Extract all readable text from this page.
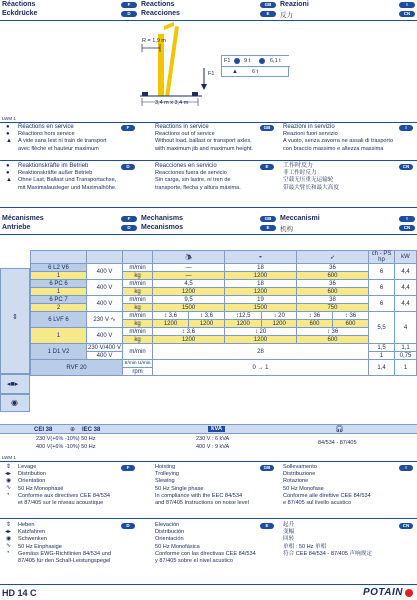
Réactions
Eckdrücke
F
D
Reactions
Reacciones
GB
E
Reazioni
反力
I
CN
R = 1,9 m
3,4 m x 3,4 m
F1
F1 9 t	6,1 t
▲	6 t
LWM 1
Réactions en service
Réactions hors service
A vide sans lest ni train de transport
avec flèche et hauteur maximum
Reactions in service
Reactions out of service
Without load, ballast or transport axles,
with maximum jib and maximum height.
Reazioni in servizio
Reazioni fuori servizio
A vuoto, senza zavorra ne assali di trasporto
con braccio massimo e altezza massima
●
●
▲
F	GB	I
Reaktionskräfte im Betrieb
Reaktionskräfte außer Betrieb
Ohne Last, Ballast und Transportachse,
mit Maximalausleger und Maximalhöhe.
Reacciones en servicio
Reacciones fuera de servicio
Sin carga, sin lastre, ni tren de
transporte, flecha y altura máxima.
工作时反力
非工作时反力
空载无压重无运输轮
带最大臂长和最大高度
●
●
▲
D	E	CN
Mécanismes
Antriebe
F
D
Mechanisms
Mecanismos
GB
E
Meccanismi
机构
I
CN
⇕
◂■▸
◉
			🐌︎		◒		➶		ch - PS
hp	kW
6 L2 V6	400 V	m/min	—		18		36		6	4,4
1		kg	—		1200		600			
6 PC 6	400 V	m/min	4,5		18		36		6	4,4
1		kg	1200		1200		600			
6 PC 7	400 V	m/min	9,5		19		38		6	4,4
2		kg	1500		1500		750			
6 LVF 6	230 V ∿	m/min	↕ 3,6	↕ 3,6	↕12,5	↕ 20	↕ 36	↕ 36	5,5	4
		kg	1200	1200	1200	1200	600	600		
1	400 V	m/min	↕ 3,6		↕ 20		↕ 36			
		kg	1200		1200		600			
1 D1 V2	230 V/400 V	m/min	28						1,5	1,1
	400 V								1	0,75
RVF 20		tr/min U/min	0 → 1						1,4	1
		rpm								
CEI 38	⊕ IEC 38	kVA	🎧︎
230 V(+6% -10%) 50 Hz
400 V(+6% -10%) 50 Hz
230 V : 6 kVA
400 V : 9 kVA
84/534 - 87/405
LWM 1
Levage
Distribution
Orientation
50 Hz Monophasé
Conforme aux directives CEE 84/534
et 87/405 sur le niveau acoustique
Hoisting
Trolleying
Slewing
50 Hz Single phase
In compliance with the EEC 84/534
and 87/405 Instructions on noise level
Sollevamento
Distribuzione
Rotazione
50 Hz Monofase
Conforme alle direttive CEE 84/534
e 87/405 sul livello acustico
⇕
◂▸
◉
∿
◔
F	GB	I
Heben
Katzfahren
Schwenken
50 Hz Einphasige
Gemäss EWG-Richtlinien 84/534 und
87/405 für den Schall-Leistungspegel
Elevación
Distribución
Orientación
50 Hz Monofásica
Conforme con las directivas CEE 84/534
y 87/405 sobre el nivel acustico
起升
变幅
回转
单相 : 50 Hz 单相
符合 CEE 84/534 - 87/405 声响规定
⇕
◂▸
◉
∿
◔
D	E	CN
HD 14 C	POTAIN
